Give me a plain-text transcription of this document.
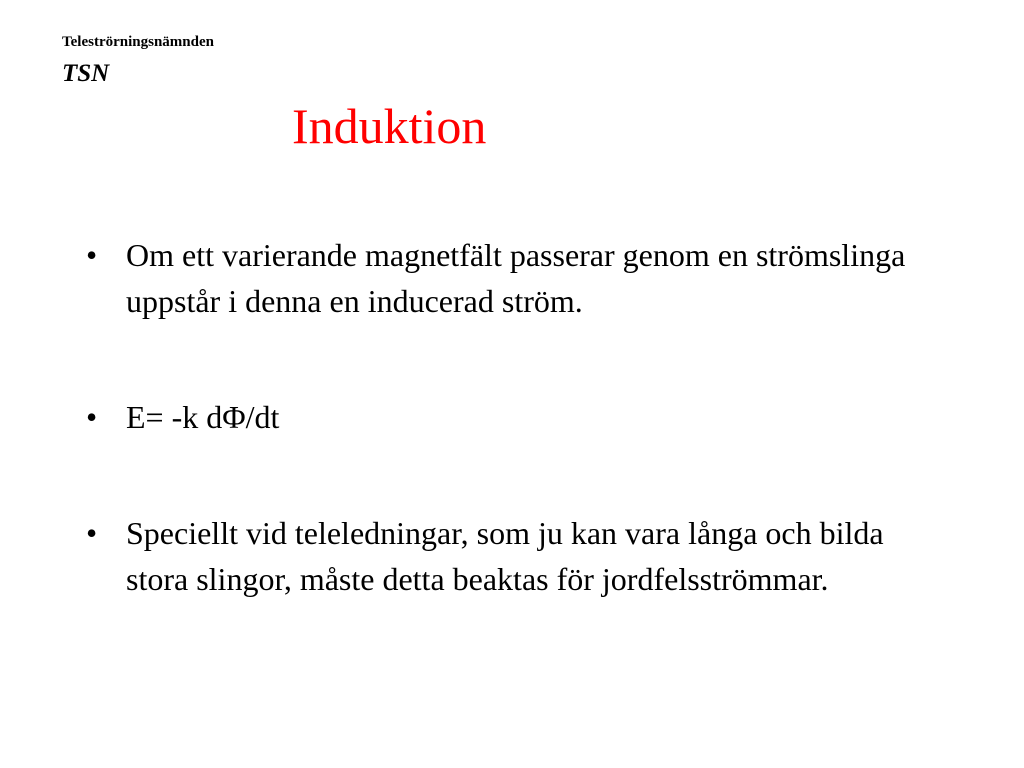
Teleströrningsnämnden
TSN
Induktion
• Om ett varierande magnetfält passerar genom en strömslinga uppstår i denna en inducerad ström.
• E= -k dΦ/dt
• Speciellt vid teleledningar, som ju kan vara långa och bilda stora slingor, måste detta beaktas för jordfelsströmmar.
